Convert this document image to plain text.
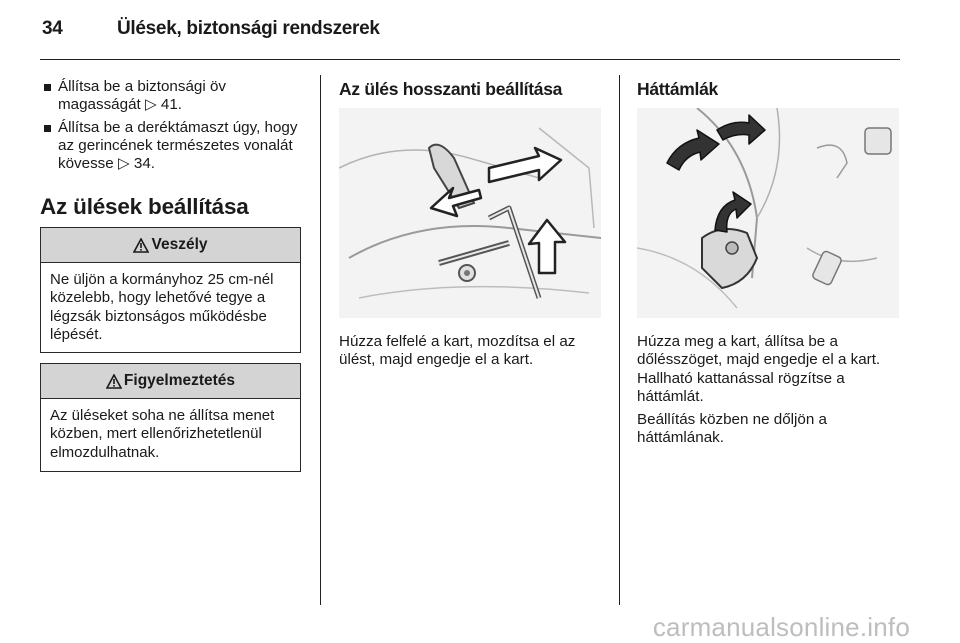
34	Ülések, biztonsági rendszerek
Állítsa be a biztonsági öv magasságát ▷ 41.
Állítsa be a deréktámaszt úgy, hogy az gerincének természetes vonalát kövesse ▷ 34.
Az ülések beállítása
Veszély
Ne üljön a kormányhoz 25 cm-nél közelebb, hogy lehetővé tegye a légzsák biztonságos működésbe lépését.
Figyelmeztetés
Az üléseket soha ne állítsa menet közben, mert ellenőrizhetetlenül elmozdulhatnak.
Az ülés hosszanti beállítása
Húzza felfelé a kart, mozdítsa el az ülést, majd engedje el a kart.
Háttámlák
Húzza meg a kart, állítsa be a dőlésszöget, majd engedje el a kart. Hallható kattanással rögzítse a háttámlát.
Beállítás közben ne dőljön a háttámlának.
carmanualsonline.info
